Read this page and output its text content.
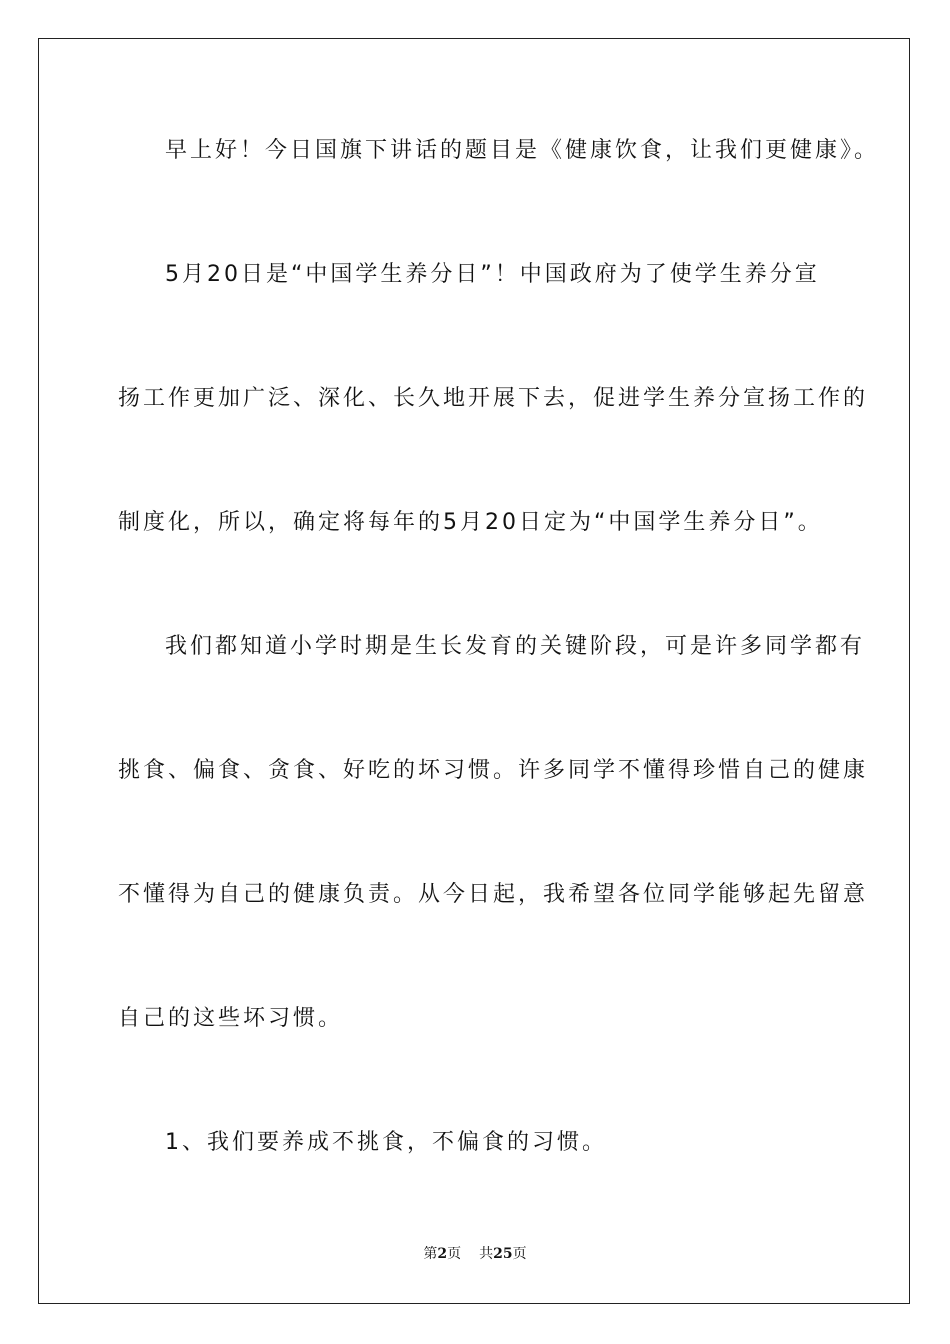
早上好！今日国旗下讲话的题目是《健康饮食，让我们更健康》。
5月20日是“中国学生养分日”！中国政府为了使学生养分宣
扬工作更加广泛、深化、长久地开展下去，促进学生养分宣扬工作的
制度化，所以，确定将每年的5月20日定为“中国学生养分日”。
我们都知道小学时期是生长发育的关键阶段，可是许多同学都有
挑食、偏食、贪食、好吃的坏习惯。许多同学不懂得珍惜自己的健康
不懂得为自己的健康负责。从今日起，我希望各位同学能够起先留意
自己的这些坏习惯。
1、我们要养成不挑食，不偏食的习惯。
第2页 共25页
